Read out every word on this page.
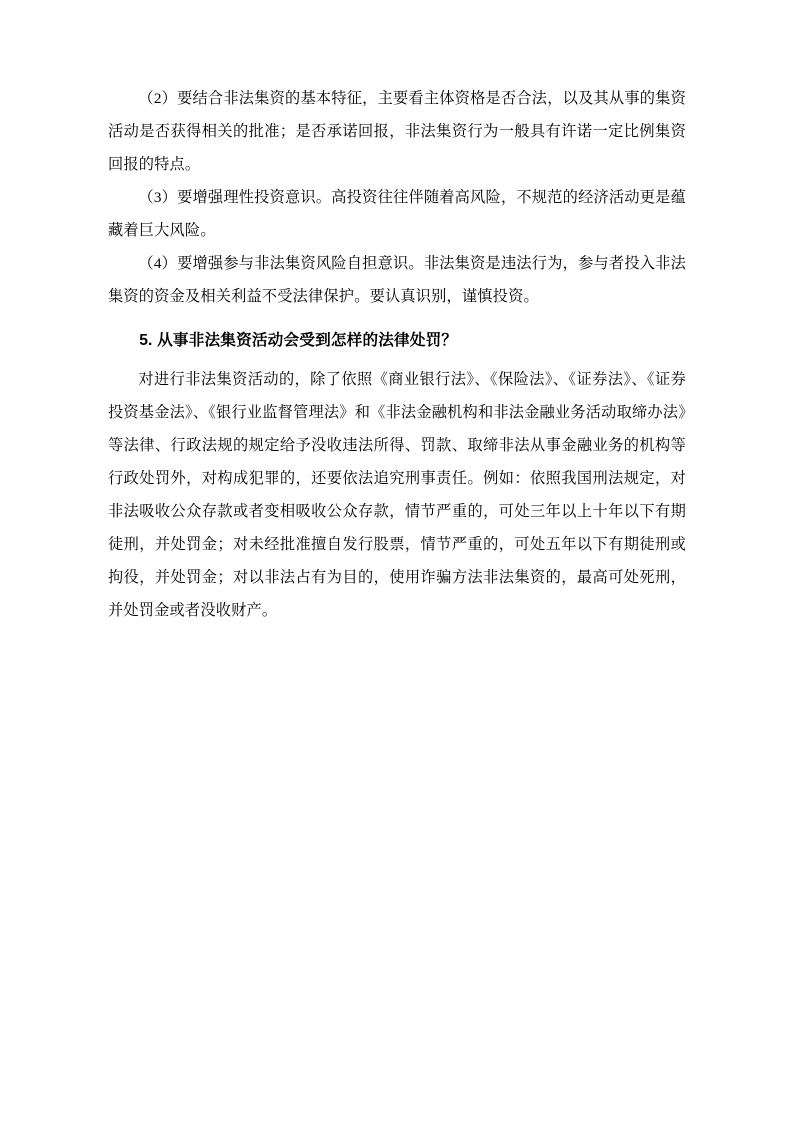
（2）要结合非法集资的基本特征，主要看主体资格是否合法，以及其从事的集资活动是否获得相关的批准；是否承诺回报，非法集资行为一般具有许诺一定比例集资回报的特点。

（3）要增强理性投资意识。高投资往往伴随着高风险，不规范的经济活动更是蕴藏着巨大风险。

（4）要增强参与非法集资风险自担意识。非法集资是违法行为，参与者投入非法集资的资金及相关利益不受法律保护。要认真识别，谨慎投资。

5. 从事非法集资活动会受到怎样的法律处罚？

对进行非法集资活动的，除了依照《商业银行法》、《保险法》、《证券法》、《证券投资基金法》、《银行业监督管理法》和《非法金融机构和非法金融业务活动取缔办法》等法律、行政法规的规定给予没收违法所得、罚款、取缔非法从事金融业务的机构等行政处罚外，对构成犯罪的，还要依法追究刑事责任。例如：依照我国刑法规定，对非法吸收公众存款或者变相吸收公众存款，情节严重的，可处三年以上十年以下有期徒刑，并处罚金；对未经批准擅自发行股票，情节严重的，可处五年以下有期徒刑或拘役，并处罚金；对以非法占有为目的，使用诈骗方法非法集资的，最高可处死刑，并处罚金或者没收财产。
